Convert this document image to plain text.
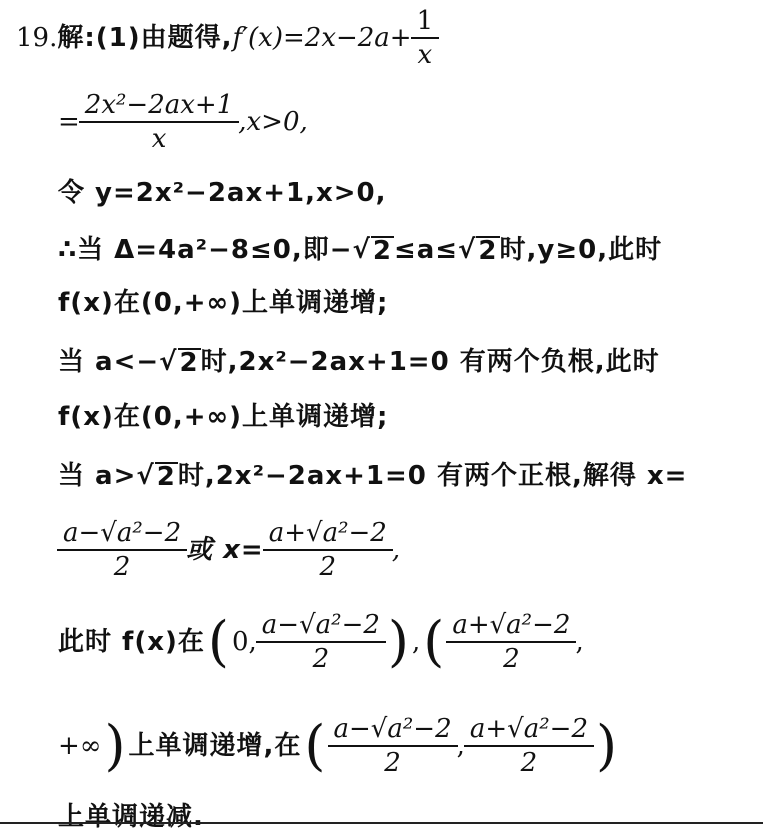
19. 解 :(1)由题得, $f'(x)=2x-2a+ \frac{1}{x}$
= $\frac{\text{2x²−2ax+1}}{x} ,x>0$,
令 y=2x²−2ax+1,x>0,
∴当 Δ=4a²−8≤0,即−√ 2 ≤a≤√ 2 时,y≥0,此时
f(x)在(0,+∞)上单调递增;
当 a<−√ 2 时,2x²−2ax+1=0 有两个负根,此时
f(x)在(0,+∞)上单调递增;
当 a>√ 2 时,2x²−2ax+1=0 有两个正根,解得 x=
$\frac{\text{a−√a²−2}}{2}$ 或 $x= \frac{\text{a+√a²−2}}{2}$ ,
此时 f(x)在 ( 0, $\frac{\text{a−√a²−2}}{2}$ ) , ( $\frac{\text{a+√a²−2}}{2}$ ,
+∞ ) 上单调递增,在 ( $\frac{\text{a−√a²−2}}{2}$ , $\frac{\text{a+√a²−2}}{2}$ )
上单调递减.
